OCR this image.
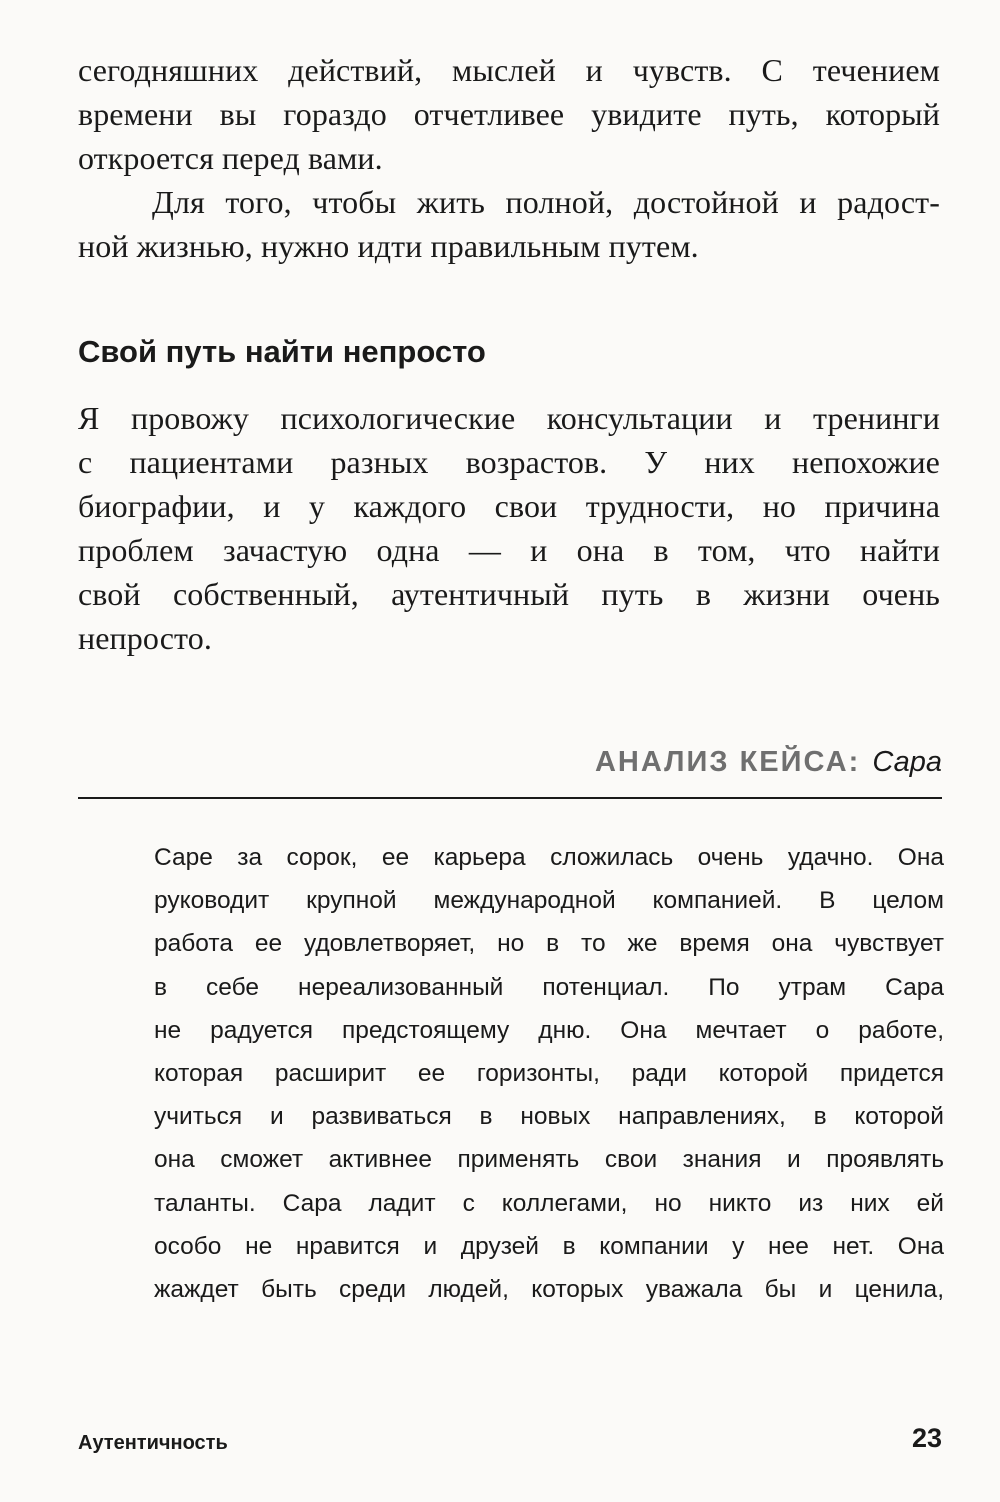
сегодняшних действий, мыслей и чувств. С течением
времени вы гораздо отчетливее увидите путь, который
откроется перед вами.
Для того, чтобы жить полной, достойной и радост-
ной жизнью, нужно идти правильным путем.
Свой путь найти непросто
Я провожу психологические консультации и тренинги
с пациентами разных возрастов. У них непохожие
биографии, и у каждого свои трудности, но причина
проблем зачастую одна — и она в том, что найти
свой собственный, аутентичный путь в жизни очень
непросто.
АНАЛИЗ КЕЙСА: Сара
Саре за сорок, ее карьера сложилась очень удачно. Она
руководит крупной международной компанией. В целом
работа ее удовлетворяет, но в то же время она чувствует
в себе нереализованный потенциал. По утрам Сара
не радуется предстоящему дню. Она мечтает о работе,
которая расширит ее горизонты, ради которой придется
учиться и развиваться в новых направлениях, в которой
она сможет активнее применять свои знания и проявлять
таланты. Сара ладит с коллегами, но никто из них ей
особо не нравится и друзей в компании у нее нет. Она
жаждет быть среди людей, которых уважала бы и ценила,
Аутентичность	23
